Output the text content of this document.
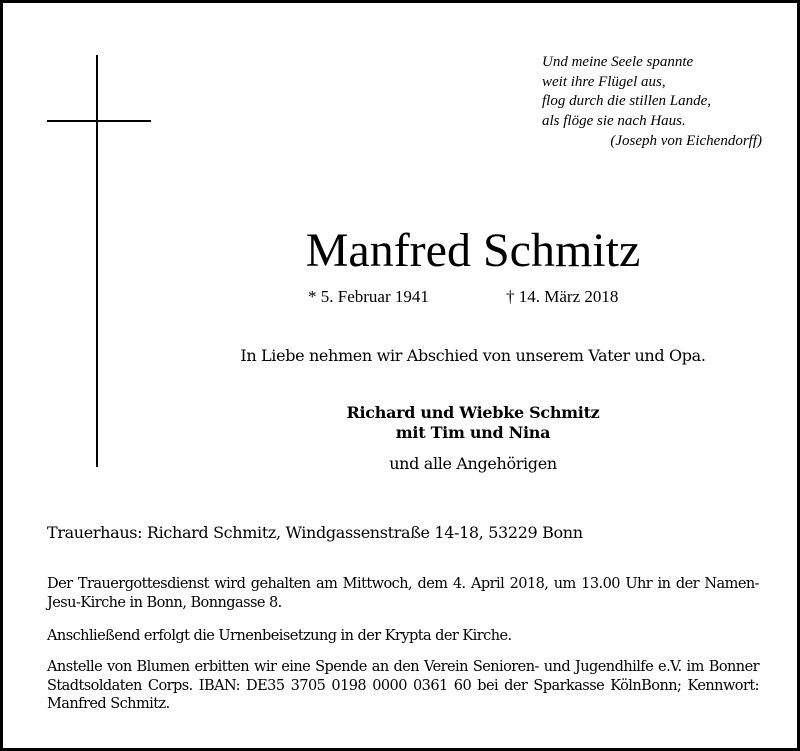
Und meine Seele spannte
weit ihre Flügel aus,
flog durch die stillen Lande,
als flöge sie nach Haus.
(Joseph von Eichendorff)
Manfred Schmitz
* 5. Februar 1941	† 14. März 2018
In Liebe nehmen wir Abschied von unserem Vater und Opa.
Richard und Wiebke Schmitz
mit Tim und Nina
und alle Angehörigen
Trauerhaus: Richard Schmitz, Windgassenstraße 14-18, 53229 Bonn
Der Trauergottesdienst wird gehalten am Mittwoch, dem 4. April 2018, um 13.00 Uhr in der Namen-Jesu-Kirche in Bonn, Bonngasse 8.
Anschließend erfolgt die Urnenbeisetzung in der Krypta der Kirche.
Anstelle von Blumen erbitten wir eine Spende an den Verein Senioren- und Jugendhilfe e.V. im Bonner Stadtsoldaten Corps. IBAN: DE35 3705 0198 0000 0361 60 bei der Sparkasse KölnBonn; Kennwort: Manfred Schmitz.
